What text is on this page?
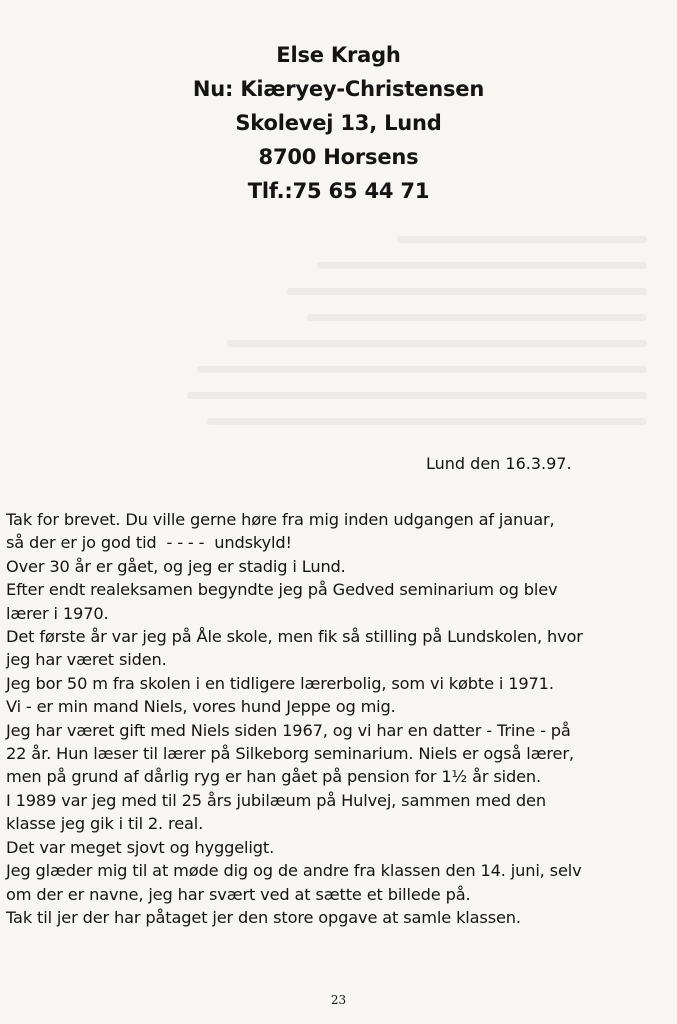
Else Kragh
Nu: Kiæryey-Christensen
Skolevej 13, Lund
8700 Horsens
Tlf.:75 65 44 71
Lund den 16.3.97.
Tak for brevet. Du ville gerne høre fra mig inden udgangen af januar,
så der er jo god tid  - - - -  undskyld!
Over 30 år er gået, og jeg er stadig i Lund.
Efter endt realeksamen begyndte jeg på Gedved seminarium og blev
lærer i 1970.
Det første år var jeg på Åle skole, men fik så stilling på Lundskolen, hvor
jeg har været siden.
Jeg bor 50 m fra skolen i en tidligere lærerbolig, som vi købte i 1971.
Vi - er min mand Niels, vores hund Jeppe og mig.
Jeg har været gift med Niels siden 1967, og vi har en datter - Trine - på
22 år. Hun læser til lærer på Silkeborg seminarium. Niels er også lærer,
men på grund af dårlig ryg er han gået på pension for 1½ år siden.
I 1989 var jeg med til 25 års jubilæum på Hulvej, sammen med den
klasse jeg gik i til 2. real.
Det var meget sjovt og hyggeligt.
Jeg glæder mig til at møde dig og de andre fra klassen den 14. juni, selv
om der er navne, jeg har svært ved at sætte et billede på.
Tak til jer der har påtaget jer den store opgave at samle klassen.
23
